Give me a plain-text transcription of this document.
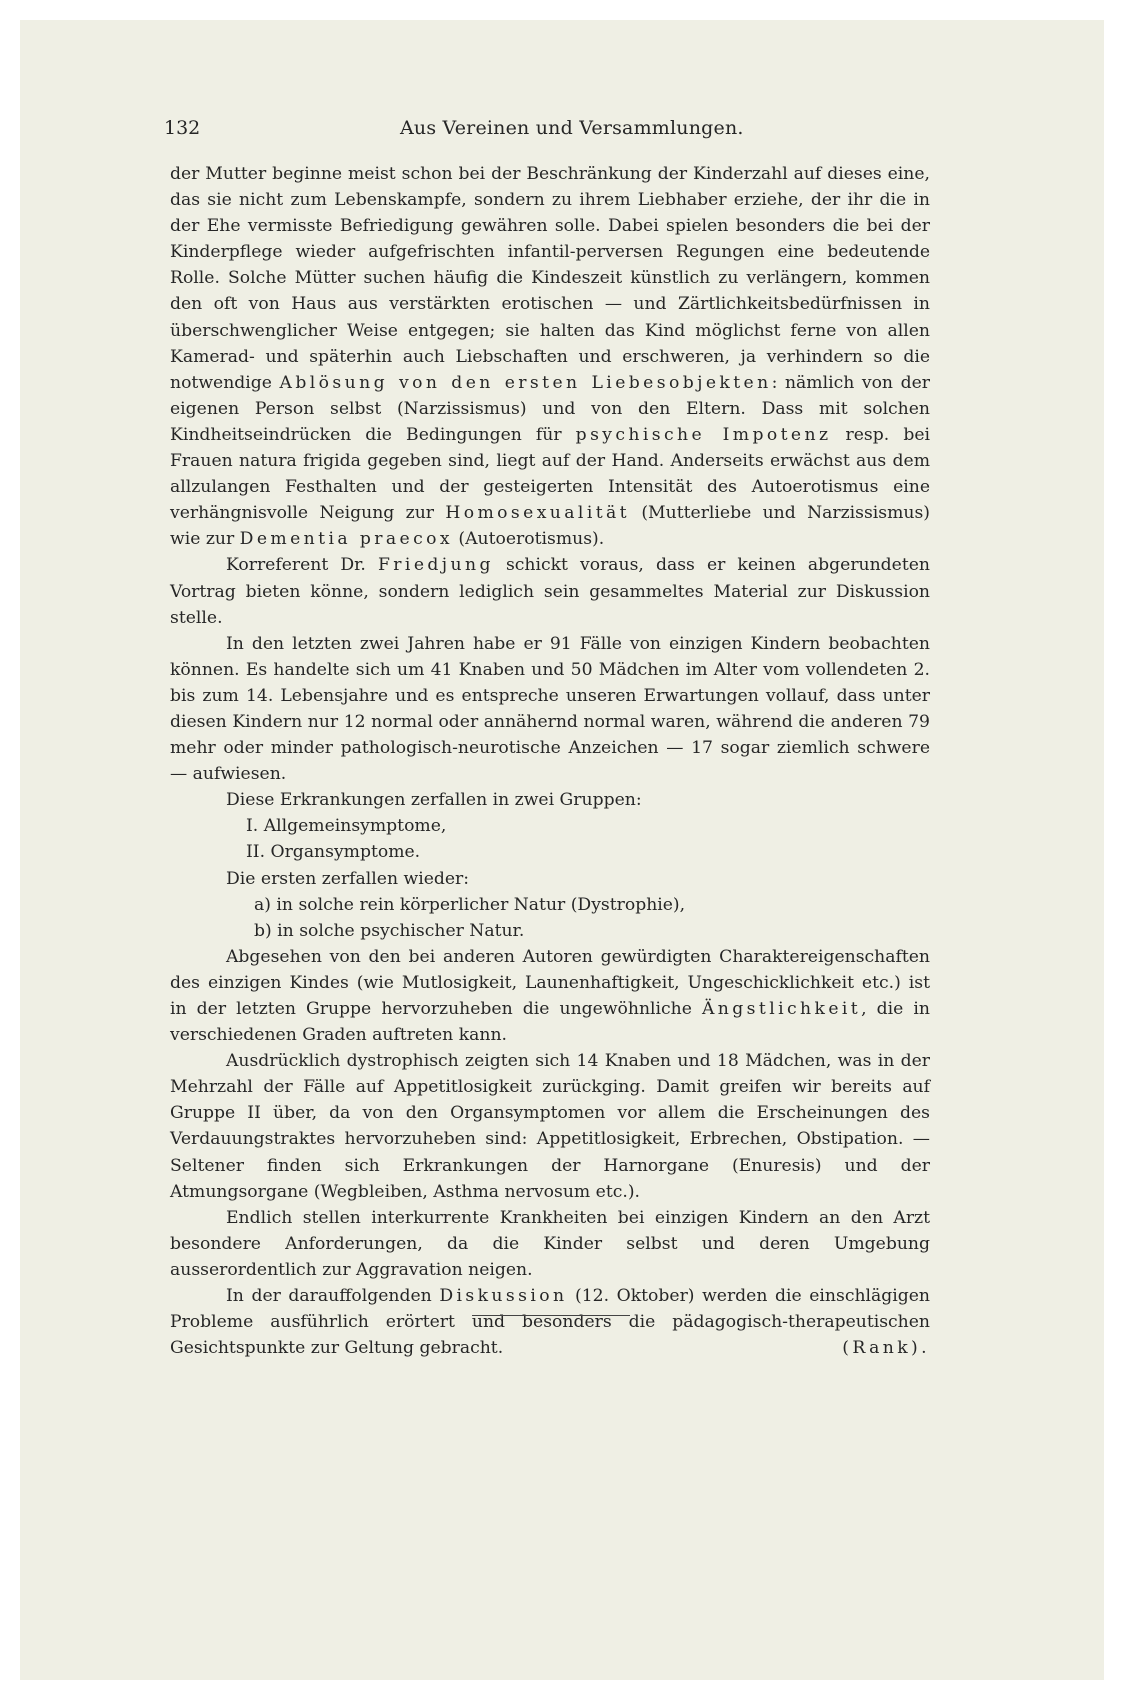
132	Aus Vereinen und Versammlungen.

der Mutter beginne meist schon bei der Beschränkung der Kinderzahl auf dieses eine, das sie nicht zum Lebenskampfe, sondern zu ihrem Liebhaber erziehe, der ihr die in der Ehe vermisste Befriedigung gewähren solle. Dabei spielen besonders die bei der Kinderpflege wieder aufgefrischten infantil-perversen Regungen eine bedeutende Rolle. Solche Mütter suchen häufig die Kindeszeit künstlich zu verlängern, kommen den oft von Haus aus verstärkten erotischen — und Zärtlichkeitsbedürfnissen in überschwenglicher Weise entgegen; sie halten das Kind möglichst ferne von allen Kamerad- und späterhin auch Liebschaften und erschweren, ja verhindern so die notwendige Ablösung von den ersten Liebesobjekten: nämlich von der eigenen Person selbst (Narzissismus) und von den Eltern. Dass mit solchen Kindheitseindrücken die Bedingungen für psychische Impotenz resp. bei Frauen natura frigida gegeben sind, liegt auf der Hand. Anderseits erwächst aus dem allzulangen Festhalten und der gesteigerten Intensität des Autoerotismus eine verhängnisvolle Neigung zur Homosexualität (Mutterliebe und Narzissismus) wie zur Dementia praecox (Autoerotismus).

Korreferent Dr. Friedjung schickt voraus, dass er keinen abgerundeten Vortrag bieten könne, sondern lediglich sein gesammeltes Material zur Diskussion stelle.

In den letzten zwei Jahren habe er 91 Fälle von einzigen Kindern beobachten können. Es handelte sich um 41 Knaben und 50 Mädchen im Alter vom vollendeten 2. bis zum 14. Lebensjahre und es entspreche unseren Erwartungen vollauf, dass unter diesen Kindern nur 12 normal oder annähernd normal waren, während die anderen 79 mehr oder minder pathologisch-neurotische Anzeichen — 17 sogar ziemlich schwere — aufwiesen.

Diese Erkrankungen zerfallen in zwei Gruppen:

I. Allgemeinsymptome,

II. Organsymptome.

Die ersten zerfallen wieder:

a) in solche rein körperlicher Natur (Dystrophie),

b) in solche psychischer Natur.

Abgesehen von den bei anderen Autoren gewürdigten Charaktereigenschaften des einzigen Kindes (wie Mutlosigkeit, Launenhaftigkeit, Ungeschicklichkeit etc.) ist in der letzten Gruppe hervorzuheben die ungewöhnliche Ängstlichkeit, die in verschiedenen Graden auftreten kann.

Ausdrücklich dystrophisch zeigten sich 14 Knaben und 18 Mädchen, was in der Mehrzahl der Fälle auf Appetitlosigkeit zurückging. Damit greifen wir bereits auf Gruppe II über, da von den Organsymptomen vor allem die Erscheinungen des Verdauungstraktes hervorzuheben sind: Appetitlosigkeit, Erbrechen, Obstipation. — Seltener finden sich Erkrankungen der Harnorgane (Enuresis) und der Atmungsorgane (Wegbleiben, Asthma nervosum etc.).

Endlich stellen interkurrente Krankheiten bei einzigen Kindern an den Arzt besondere Anforderungen, da die Kinder selbst und deren Umgebung ausserordentlich zur Aggravation neigen.

In der darauffolgenden Diskussion (12. Oktober) werden die einschlägigen Probleme ausführlich erörtert und besonders die pädagogisch-therapeutischen Gesichtspunkte zur Geltung gebracht.	(Rank).
